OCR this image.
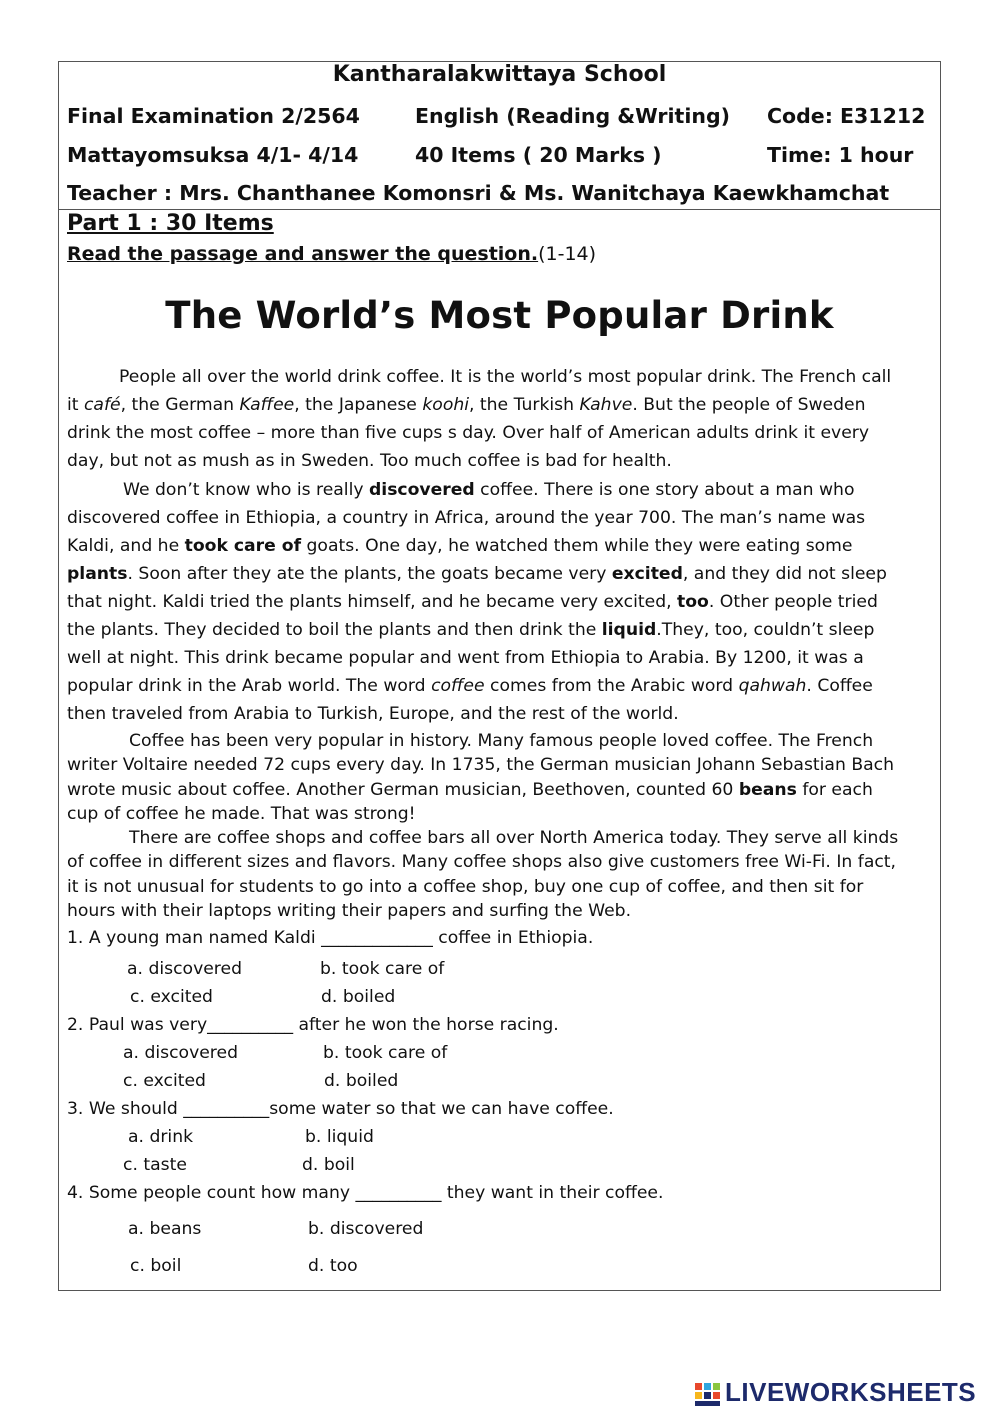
Kantharalakwittaya School
Final Examination 2/2564	English (Reading &Writing) Code: E31212
Mattayomsuksa 4/1- 4/14	40 Items ( 20 Marks )	Time: 1 hour
Teacher : Mrs. Chanthanee Komonsri & Ms. Wanitchaya Kaewkhamchat
Part 1 : 30 Items
Read the passage and answer the question.(1-14)
The World’s Most Popular Drink
People all over the world drink coffee. It is the world’s most popular drink. The French call
it café, the German Kaffee, the Japanese koohi, the Turkish Kahve. But the people of Sweden
drink the most coffee – more than five cups s day. Over half of American adults drink it every
day, but not as mush as in Sweden. Too much coffee is bad for health.
We don’t know who is really discovered coffee. There is one story about a man who
discovered coffee in Ethiopia, a country in Africa, around the year 700. The man’s name was
Kaldi, and he took care of goats. One day, he watched them while they were eating some
plants. Soon after they ate the plants, the goats became very excited, and they did not sleep
that night. Kaldi tried the plants himself, and he became very excited, too. Other people tried
the plants. They decided to boil the plants and then drink the liquid.They, too, couldn’t sleep
well at night. This drink became popular and went from Ethiopia to Arabia. By 1200, it was a
popular drink in the Arab world. The word coffee comes from the Arabic word qahwah. Coffee
then traveled from Arabia to Turkish, Europe, and the rest of the world.
Coffee has been very popular in history. Many famous people loved coffee. The French
writer Voltaire needed 72 cups every day. In 1735, the German musician Johann Sebastian Bach
wrote music about coffee. Another German musician, Beethoven, counted 60 beans for each
cup of coffee he made. That was strong!
There are coffee shops and coffee bars all over North America today. They serve all kinds
of coffee in different sizes and flavors. Many coffee shops also give customers free Wi-Fi. In fact,
it is not unusual for students to go into a coffee shop, buy one cup of coffee, and then sit for
hours with their laptops writing their papers and surfing the Web.
1. A young man named Kaldi _____________ coffee in Ethiopia.
a. discovered	b. took care of
c. excited	d. boiled
2. Paul was very__________ after he won the horse racing.
a. discovered	b. took care of
c. excited	d. boiled
3. We should __________some water so that we can have coffee.
a. drink	b. liquid
c. taste	d. boil
4. Some people count how many __________ they want in their coffee.
a. beans	b. discovered
c. boil	d. too
LIVEWORKSHEETS
